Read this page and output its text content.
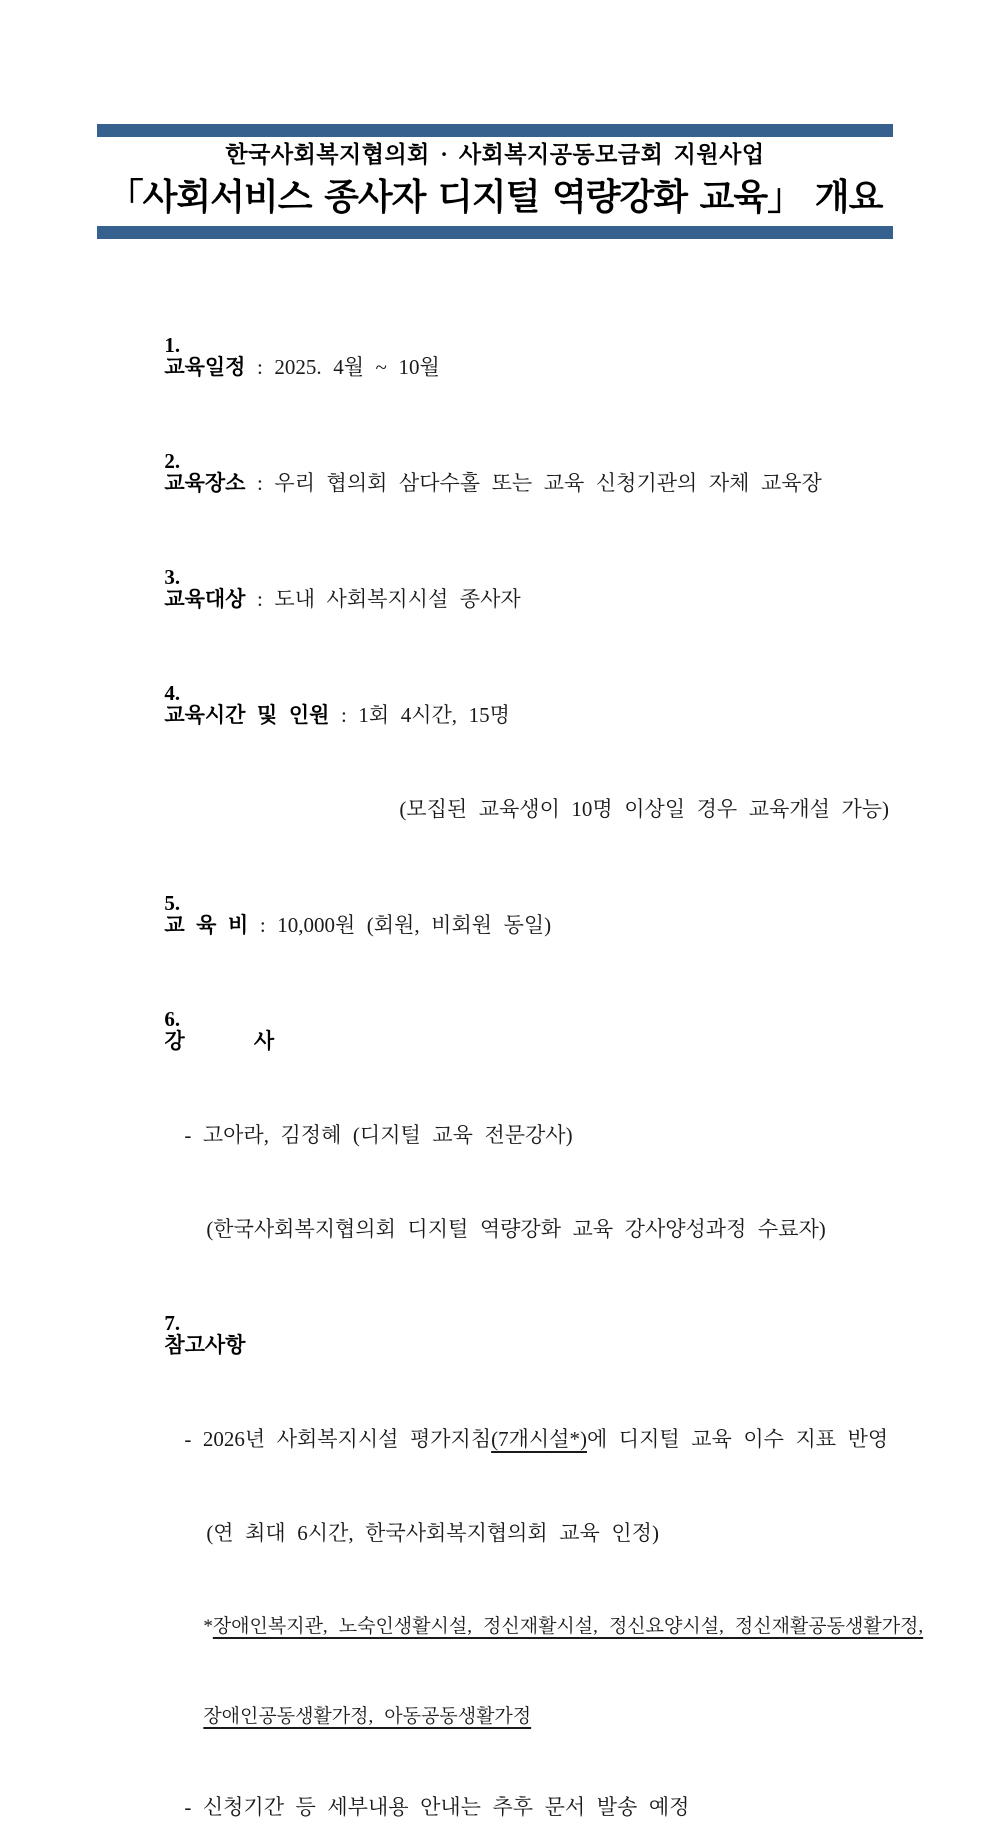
한국사회복지협의회 · 사회복지공동모금회 지원사업
「사회서비스 종사자 디지털 역량강화 교육」 개요

1.
교육일정 : 2025. 4월 ~ 10월

2.
교육장소 : 우리 협의회 삼다수홀 또는 교육 신청기관의 자체 교육장

3.
교육대상 : 도내 사회복지시설 종사자

4.
교육시간 및 인원 : 1회 4시간, 15명

(모집된 교육생이 10명 이상일 경우 교육개설 가능)

5.
교 육 비 : 10,000원 (회원, 비회원 동일)

6.
강      사

- 고아라, 김정혜 (디지털 교육 전문강사)

(한국사회복지협의회 디지털 역량강화 교육 강사양성과정 수료자)

7.
참고사항

- 2026년 사회복지시설 평가지침(7개시설*)에 디지털 교육 이수 지표 반영

(연 최대 6시간, 한국사회복지협의회 교육 인정)

*장애인복지관, 노숙인생활시설, 정신재활시설, 정신요양시설, 정신재활공동생활가정,

장애인공동생활가정, 아동공동생활가정

- 신청기간 등 세부내용 안내는 추후 문서 발송 예정
